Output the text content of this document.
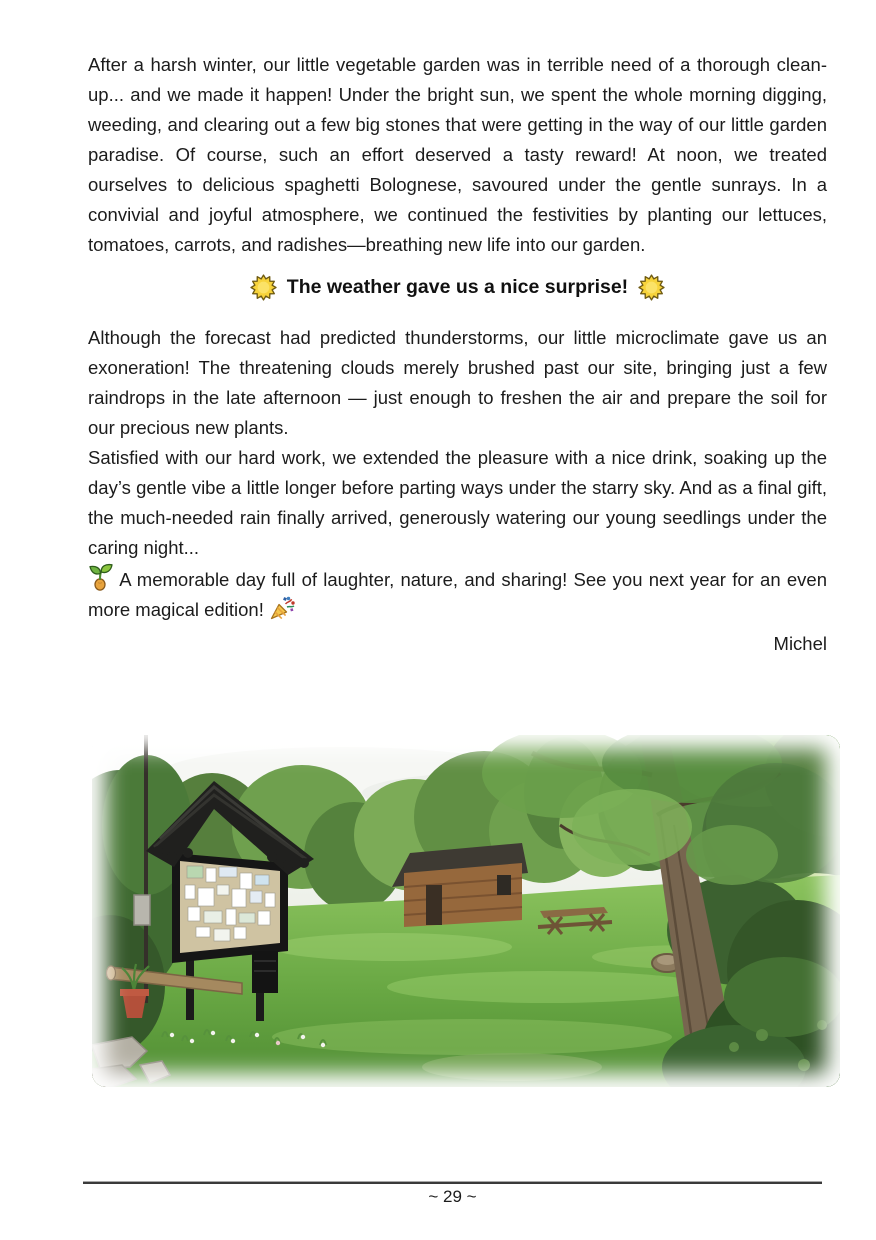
After a harsh winter, our little vegetable garden was in terrible need of a thorough clean-up... and we made it happen! Under the bright sun, we spent the whole morning digging, weeding, and clearing out a few big stones that were getting in the way of our little garden paradise. Of course, such an effort deserved a tasty reward! At noon, we treated ourselves to delicious spaghetti Bolognese, savoured under the gentle sunrays. In a convivial and joyful atmosphere, we continued the festivities by planting our lettuces, tomatoes, carrots, and radishes—breathing new life into our garden.

The weather gave us a nice surprise!

Although the forecast had predicted thunderstorms, our little microclimate gave us an exoneration! The threatening clouds merely brushed past our site, bringing just a few raindrops in the late afternoon — just enough to freshen the air and prepare the soil for our precious new plants.

Satisfied with our hard work, we extended the pleasure with a nice drink, soaking up the day’s gentle vibe a little longer before parting ways under the starry sky. And as a final gift, the much-needed rain finally arrived, generously watering our young seedlings under the caring night...

A memorable day full of laughter, nature, and sharing! See you next year for an even more magical edition!

Michel

~ 29 ~
